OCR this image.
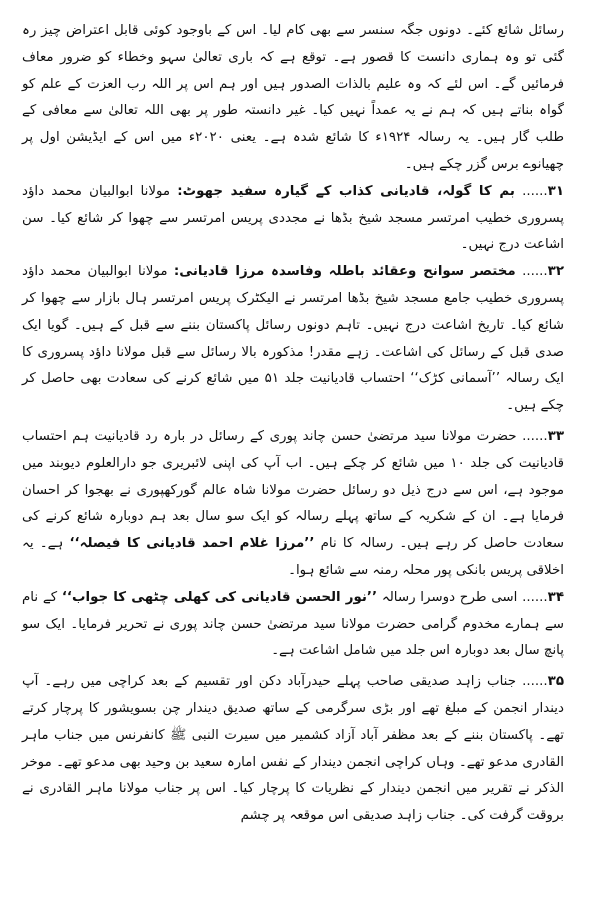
رسائل شائع کئے۔ دونوں جگہ سنسر سے بھی کام لیا۔ اس کے باوجود کوئی قابل اعتراض چیز رہ گئی تو وہ ہماری دانست کا قصور ہے۔ توقع ہے کہ باری تعالیٰ سہو وخطاء کو ضرور معاف فرمائیں گے۔ اس لئے کہ وہ علیم بالذات الصدور ہیں اور ہم اس پر اللہ رب العزت کے علم کو گواہ بناتے ہیں کہ ہم نے یہ عمداً نہیں کیا۔ غیر دانستہ طور پر بھی اللہ تعالیٰ سے معافی کے طلب گار ہیں۔ یہ رسالہ ۱۹۲۴ء کا شائع شدہ ہے۔ یعنی ۲۰۲۰ء میں اس کے ایڈیشن اول پر چھیانوے برس گزر چکے ہیں۔

۳۱...... بم کا گولہ، قادیانی کذاب کے گیارہ سفید جھوٹ: مولانا ابوالبیان محمد داؤد پسروری خطیب امرتسر مسجد شیخ بڈھا نے مجددی پریس امرتسر سے چھوا کر شائع کیا۔ سن اشاعت درج نہیں۔

۳۲...... مختصر سوانح وعقائد باطلہ وفاسدہ مرزا قادیانی: مولانا ابوالبیان محمد داؤد پسروری خطیب جامع مسجد شیخ بڈھا امرتسر نے الیکٹرک پریس امرتسر ہال بازار سے چھوا کر شائع کیا۔ تاریخ اشاعت درج نہیں۔ تاہم دونوں رسائل پاکستان بننے سے قبل کے ہیں۔ گویا ایک صدی قبل کے رسائل کی اشاعت۔ زہے مقدر! مذکورہ بالا رسائل سے قبل مولانا داؤد پسروری کا ایک رسالہ ’’آسمانی کڑک‘‘ احتساب قادیانیت جلد ۵۱ میں شائع کرنے کی سعادت بھی حاصل کر چکے ہیں۔

۳۳...... حضرت مولانا سید مرتضیٰ حسن چاند پوری کے رسائل در بارہ رد قادیانیت ہم احتساب قادیانیت کی جلد ۱۰ میں شائع کر چکے ہیں۔ اب آپ کی اپنی لائبریری جو دارالعلوم دیوبند میں موجود ہے، اس سے درج ذیل دو رسائل حضرت مولانا شاہ عالم گورکھپوری نے بھجوا کر احسان فرمایا ہے۔ ان کے شکریہ کے ساتھ پہلے رسالہ کو ایک سو سال بعد ہم دوبارہ شائع کرنے کی سعادت حاصل کر رہے ہیں۔ رسالہ کا نام ’’مرزا غلام احمد قادیانی کا فیصلہ‘‘ ہے۔ یہ اخلاقی پریس بانکی پور محلہ رمنہ سے شائع ہوا۔

۳۴...... اسی طرح دوسرا رسالہ ’’نور الحسن قادیانی کی کھلی چٹھی کا جواب‘‘ کے نام سے ہمارے مخدوم گرامی حضرت مولانا سید مرتضیٰ حسن چاند پوری نے تحریر فرمایا۔ ایک سو پانچ سال بعد دوبارہ اس جلد میں شامل اشاعت ہے۔

۳۵...... جناب زاہد صدیقی صاحب پہلے حیدرآباد دکن اور تقسیم کے بعد کراچی میں رہے۔ آپ دیندار انجمن کے مبلغ تھے اور بڑی سرگرمی کے ساتھ صدیق دیندار چن بسویشور کا پرچار کرتے تھے۔ پاکستان بننے کے بعد مظفر آباد آزاد کشمیر میں سیرت النبی ﷺ کانفرنس میں جناب ماہر القادری مدعو تھے۔ وہاں کراچی انجمن دیندار کے نفس امارہ سعید بن وحید بھی مدعو تھے۔ موخر الذکر نے تقریر میں انجمن دیندار کے نظریات کا پرچار کیا۔ اس پر جناب مولانا ماہر القادری نے بروقت گرفت کی۔ جناب زاہد صدیقی اس موقعہ پر چشم
